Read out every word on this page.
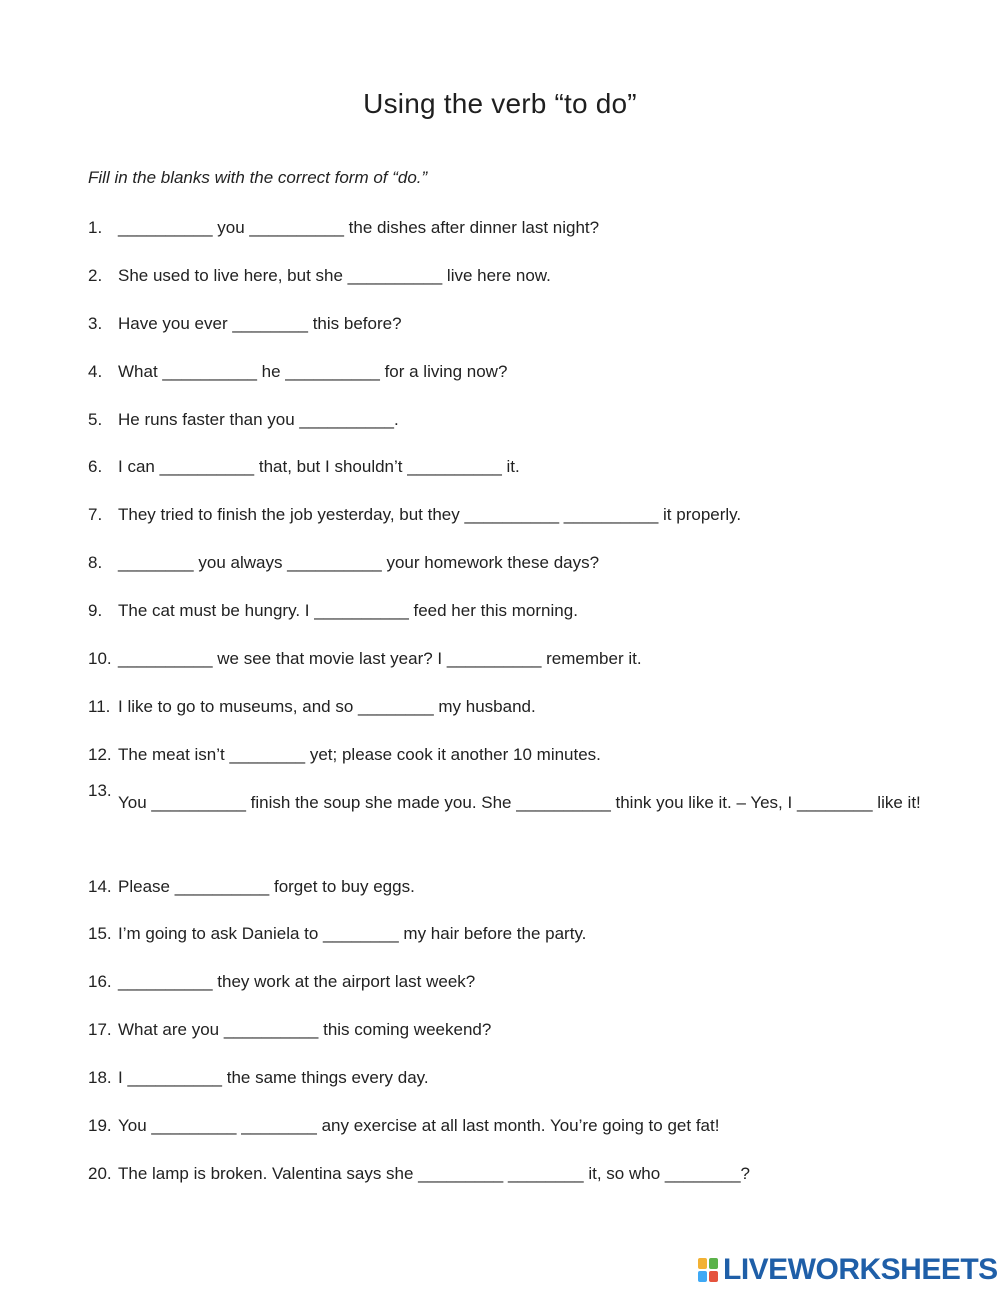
Using the verb “to do”
Fill in the blanks with the correct form of “do.”
1. __________ you __________ the dishes after dinner last night?
2. She used to live here, but she __________ live here now.
3. Have you ever ________ this before?
4. What __________ he __________ for a living now?
5. He runs faster than you __________.
6. I can __________ that, but I shouldn’t __________ it.
7. They tried to finish the job yesterday, but they __________ __________ it properly.
8. ________ you always __________ your homework these days?
9. The cat must be hungry. I __________ feed her this morning.
10. __________ we see that movie last year? I __________ remember it.
11. I like to go to museums, and so ________ my husband.
12. The meat isn’t ________ yet; please cook it another 10 minutes.
13.
You __________ finish the soup she made you. She __________ think you like it. – Yes, I ________ like it!
14. Please __________ forget to buy eggs.
15. I’m going to ask Daniela to ________ my hair before the party.
16. __________ they work at the airport last week?
17. What are you __________ this coming weekend?
18. I __________ the same things every day.
19. You _________ ________ any exercise at all last month. You’re going to get fat!
20. The lamp is broken. Valentina says she _________ ________ it, so who ________?
LIVEWORKSHEETS
